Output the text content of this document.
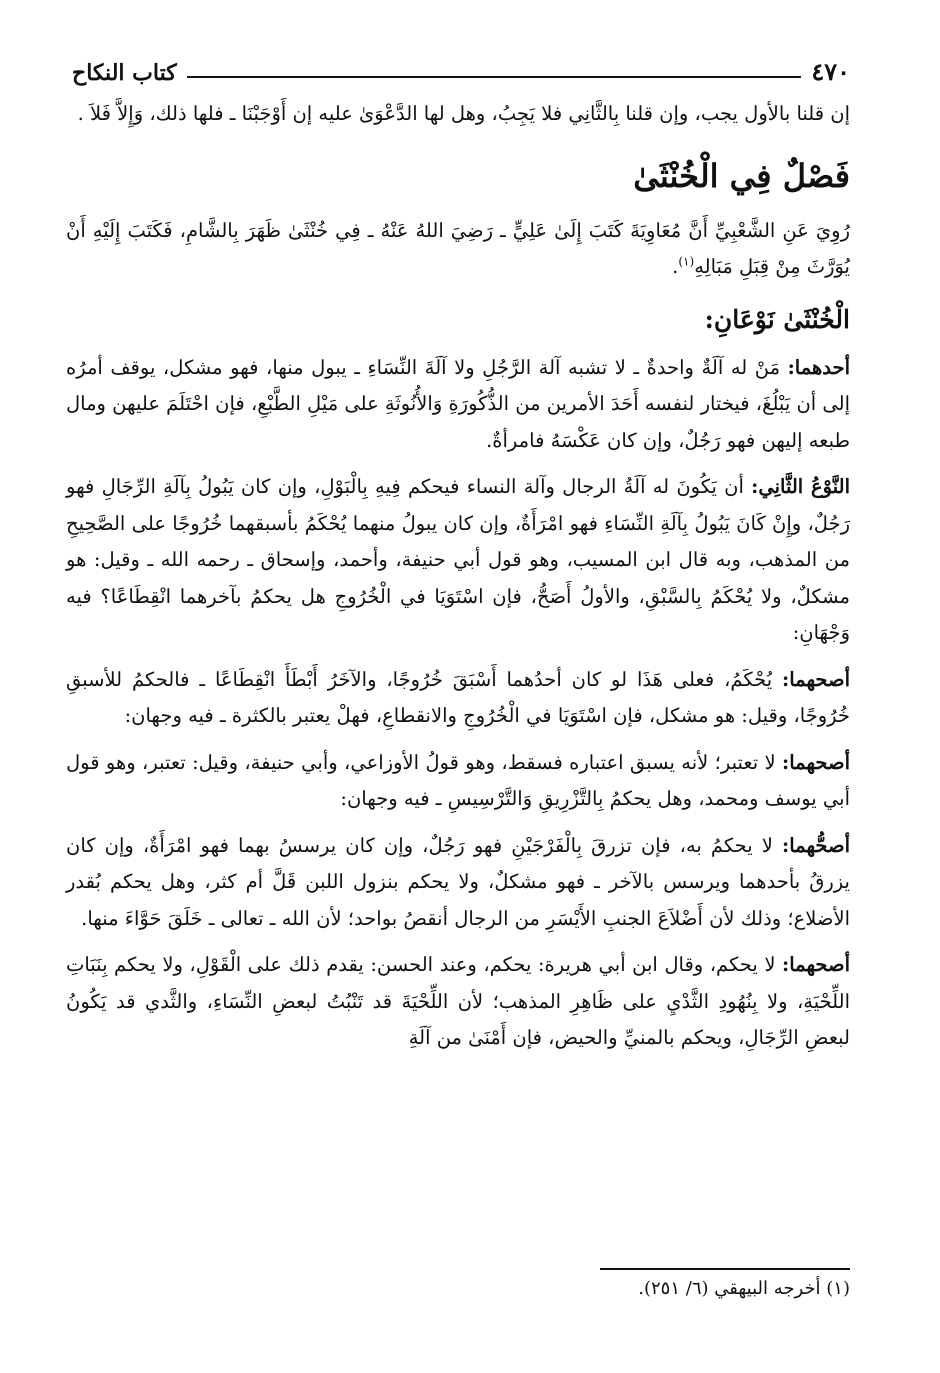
٤٧٠
كتاب النكاح

إن قلنا بالأول يجب، وإن قلنا بِالثَّانِي فلا يَجِبُ، وهل لها الدَّعْوَىٰ عليه إن أَوْجَبْنَا ـ فلها ذلك، وَإِلاَّ فَلاَ .

فَصْلٌ فِي الْخُنْثَىٰ

رُوِيَ عَنِ الشَّعْبِيِّ أَنَّ مُعَاوِيَةَ كَتَبَ إِلَىٰ عَلِيٍّ ـ رَضِيَ اللهُ عَنْهُ ـ فِي خُنْثَىٰ ظَهَرَ بِالشَّامِ، فَكَتَبَ إِلَيْهِ أَنْ يُوَرَّثَ مِنْ قِبَلِ مَبَالِهِ$^{(١)}$.

الْخُنْثَىٰ نَوْعَانِ:

أحدهما: مَنْ له آلَةٌ واحدةٌ ـ لا تشبه آلة الرَّجُلِ ولا آلَةَ النِّسَاءِ ـ يبول منها، فهو مشكل، يوقف أمرُه إلى أن يَبْلُغَ، فيختار لنفسه أَحَدَ الأمرين من الذُّكُورَةِ وَالأُنُوثَةِ على مَيْلِ الطَّبْعِ، فإن احْتَلَمَ عليهن ومال طبعه إليهن فهو رَجُلٌ، وإن كان عَكْسَهُ فامرأةٌ.

النَّوْعُ الثَّانِي: أن يَكُونَ له آلَةُ الرجال وآلة النساء فيحكم فِيهِ بِالْبَوْلِ، وإن كان يَبُولُ بِآلَةِ الرِّجَالِ فهو رَجُلٌ، وإِنْ كَانَ يَبُولُ بِآلَةِ النِّسَاءِ فهو امْرَأَةٌ، وإن كان يبولُ منهما يُحْكَمُ بأسبقهما خُرُوجًا على الصَّحِيحِ من المذهب، وبه قال ابن المسيب، وهو قول أبي حنيفة، وأحمد، وإسحاق ـ رحمه الله ـ وقيل: هو مشكلٌ، ولا يُحْكَمُ بِالسَّبْقِ، والأولُ أَصَحُّ، فإن اسْتَوَيَا في الْخُرُوجِ هل يحكمُ بآخرهما انْقِطَاعًا؟ فيه وَجْهَانِ:

أصحهما: يُحْكَمُ، فعلى هَذَا لو كان أحدُهما أَسْبَقَ خُرُوجًا، والآخَرُ أَبْطَأَ انْقِطَاعًا ـ فالحكمُ للأسبقِ خُرُوجًا، وقيل: هو مشكل، فإن اسْتَوَيَا في الْخُرُوجِ والانقطاعِ، فهلْ يعتبر بالكثرة ـ فيه وجهان:

أصحهما: لا تعتبر؛ لأنه يسبق اعتباره فسقط، وهو قولُ الأوزاعي، وأبي حنيفة، وقيل: تعتبر، وهو قول أبي يوسف ومحمد، وهل يحكمُ بِالتَّزْرِيقِ وَالتَّرْسِيسِ ـ فيه وجهان:

أصحُّهما: لا يحكمُ به، فإن تزرقَ بِالْفَرْجَيْنِ فهو رَجُلٌ، وإن كان يرسسُ بهما فهو امْرَأَةٌ، وإن كان يزرقُ بأحدهما ويرسس بالآخر ـ فهو مشكلٌ، ولا يحكم بنزول اللبن قَلَّ أم كثر، وهل يحكم بُقدر الأضلاع؛ وذلك لأن أَضْلاَعَ الجنبِ الأَيْسَرِ من الرجال أنقصُ بواحد؛ لأن الله ـ تعالى ـ خَلَقَ حَوَّاءَ منها.

أصحهما: لا يحكم، وقال ابن أبي هريرة: يحكم، وعند الحسن: يقدم ذلك على الْقَوْلِ، ولا يحكم بِنَبَاتِ اللِّحْيَةِ، ولا بِنُهُودِ الثَّدْيِ على ظَاهِرِ المذهب؛ لأن اللِّحْيَةَ قد تَنْبُتُ لبعضِ النِّسَاءِ، والثَّدي قد يَكُونُ لبعضِ الرِّجَالِ، ويحكم بالمنيِّ والحيض، فإن أَمْنَىٰ من آلَةِ

(١) أخرجه البيهقي (٦/ ٢٥١).
